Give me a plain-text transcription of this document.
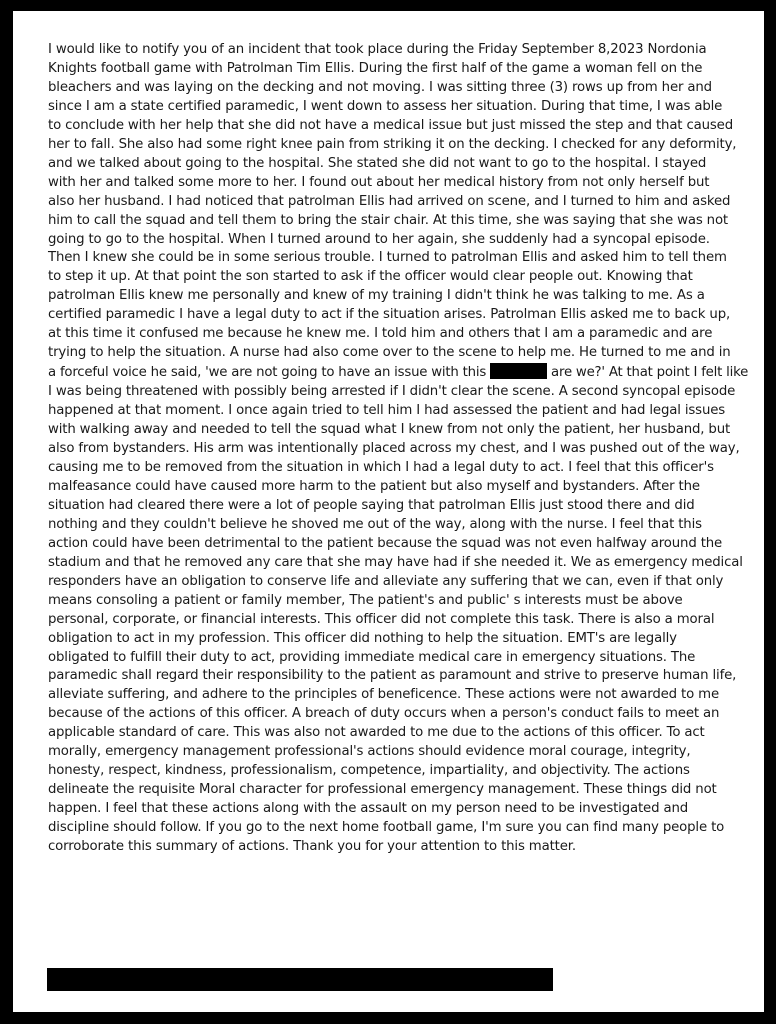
I would like to notify you of an incident that took place during the Friday September 8,2023 Nordonia
Knights football game with Patrolman Tim Ellis. During the first half of the game a woman fell on the
bleachers and was laying on the decking and not moving. I was sitting three (3) rows up from her and
since I am a state certified paramedic, I went down to assess her situation. During that time, I was able
to conclude with her help that she did not have a medical issue but just missed the step and that caused
her to fall. She also had some right knee pain from striking it on the decking. I checked for any deformity,
and we talked about going to the hospital. She stated she did not want to go to the hospital. I stayed
with her and talked some more to her. I found out about her medical history from not only herself but
also her husband. I had noticed that patrolman Ellis had arrived on scene, and I turned to him and asked
him to call the squad and tell them to bring the stair chair. At this time, she was saying that she was not
going to go to the hospital. When I turned around to her again, she suddenly had a syncopal episode.
Then I knew she could be in some serious trouble. I turned to patrolman Ellis and asked him to tell them
to step it up. At that point the son started to ask if the officer would clear people out. Knowing that
patrolman Ellis knew me personally and knew of my training I didn't think he was talking to me. As a
certified paramedic I have a legal duty to act if the situation arises. Patrolman Ellis asked me to back up,
at this time it confused me because he knew me. I told him and others that I am a paramedic and are
trying to help the situation. A nurse had also come over to the scene to help me. He turned to me and in
a forceful voice he said, 'we are not going to have an issue with this	are we?' At that point I felt like
I was being threatened with possibly being arrested if I didn't clear the scene. A second syncopal episode
happened at that moment. I once again tried to tell him I had assessed the patient and had legal issues
with walking away and needed to tell the squad what I knew from not only the patient, her husband, but
also from bystanders. His arm was intentionally placed across my chest, and I was pushed out of the way,
causing me to be removed from the situation in which I had a legal duty to act. I feel that this officer's
malfeasance could have caused more harm to the patient but also myself and bystanders. After the
situation had cleared there were a lot of people saying that patrolman Ellis just stood there and did
nothing and they couldn't believe he shoved me out of the way, along with the nurse. I feel that this
action could have been detrimental to the patient because the squad was not even halfway around the
stadium and that he removed any care that she may have had if she needed it. We as emergency medical
responders have an obligation to conserve life and alleviate any suffering that we can, even if that only
means consoling a patient or family member, The patient's and public' s interests must be above
personal, corporate, or financial interests. This officer did not complete this task. There is also a moral
obligation to act in my profession. This officer did nothing to help the situation. EMT's are legally
obligated to fulfill their duty to act, providing immediate medical care in emergency situations. The
paramedic shall regard their responsibility to the patient as paramount and strive to preserve human life,
alleviate suffering, and adhere to the principles of beneficence. These actions were not awarded to me
because of the actions of this officer. A breach of duty occurs when a person's conduct fails to meet an
applicable standard of care. This was also not awarded to me due to the actions of this officer. To act
morally, emergency management professional's actions should evidence moral courage, integrity,
honesty, respect, kindness, professionalism, competence, impartiality, and objectivity. The actions
delineate the requisite Moral character for professional emergency management. These things did not
happen. I feel that these actions along with the assault on my person need to be investigated and
discipline should follow. If you go to the next home football game, I'm sure you can find many people to
corroborate this summary of actions. Thank you for your attention to this matter.
